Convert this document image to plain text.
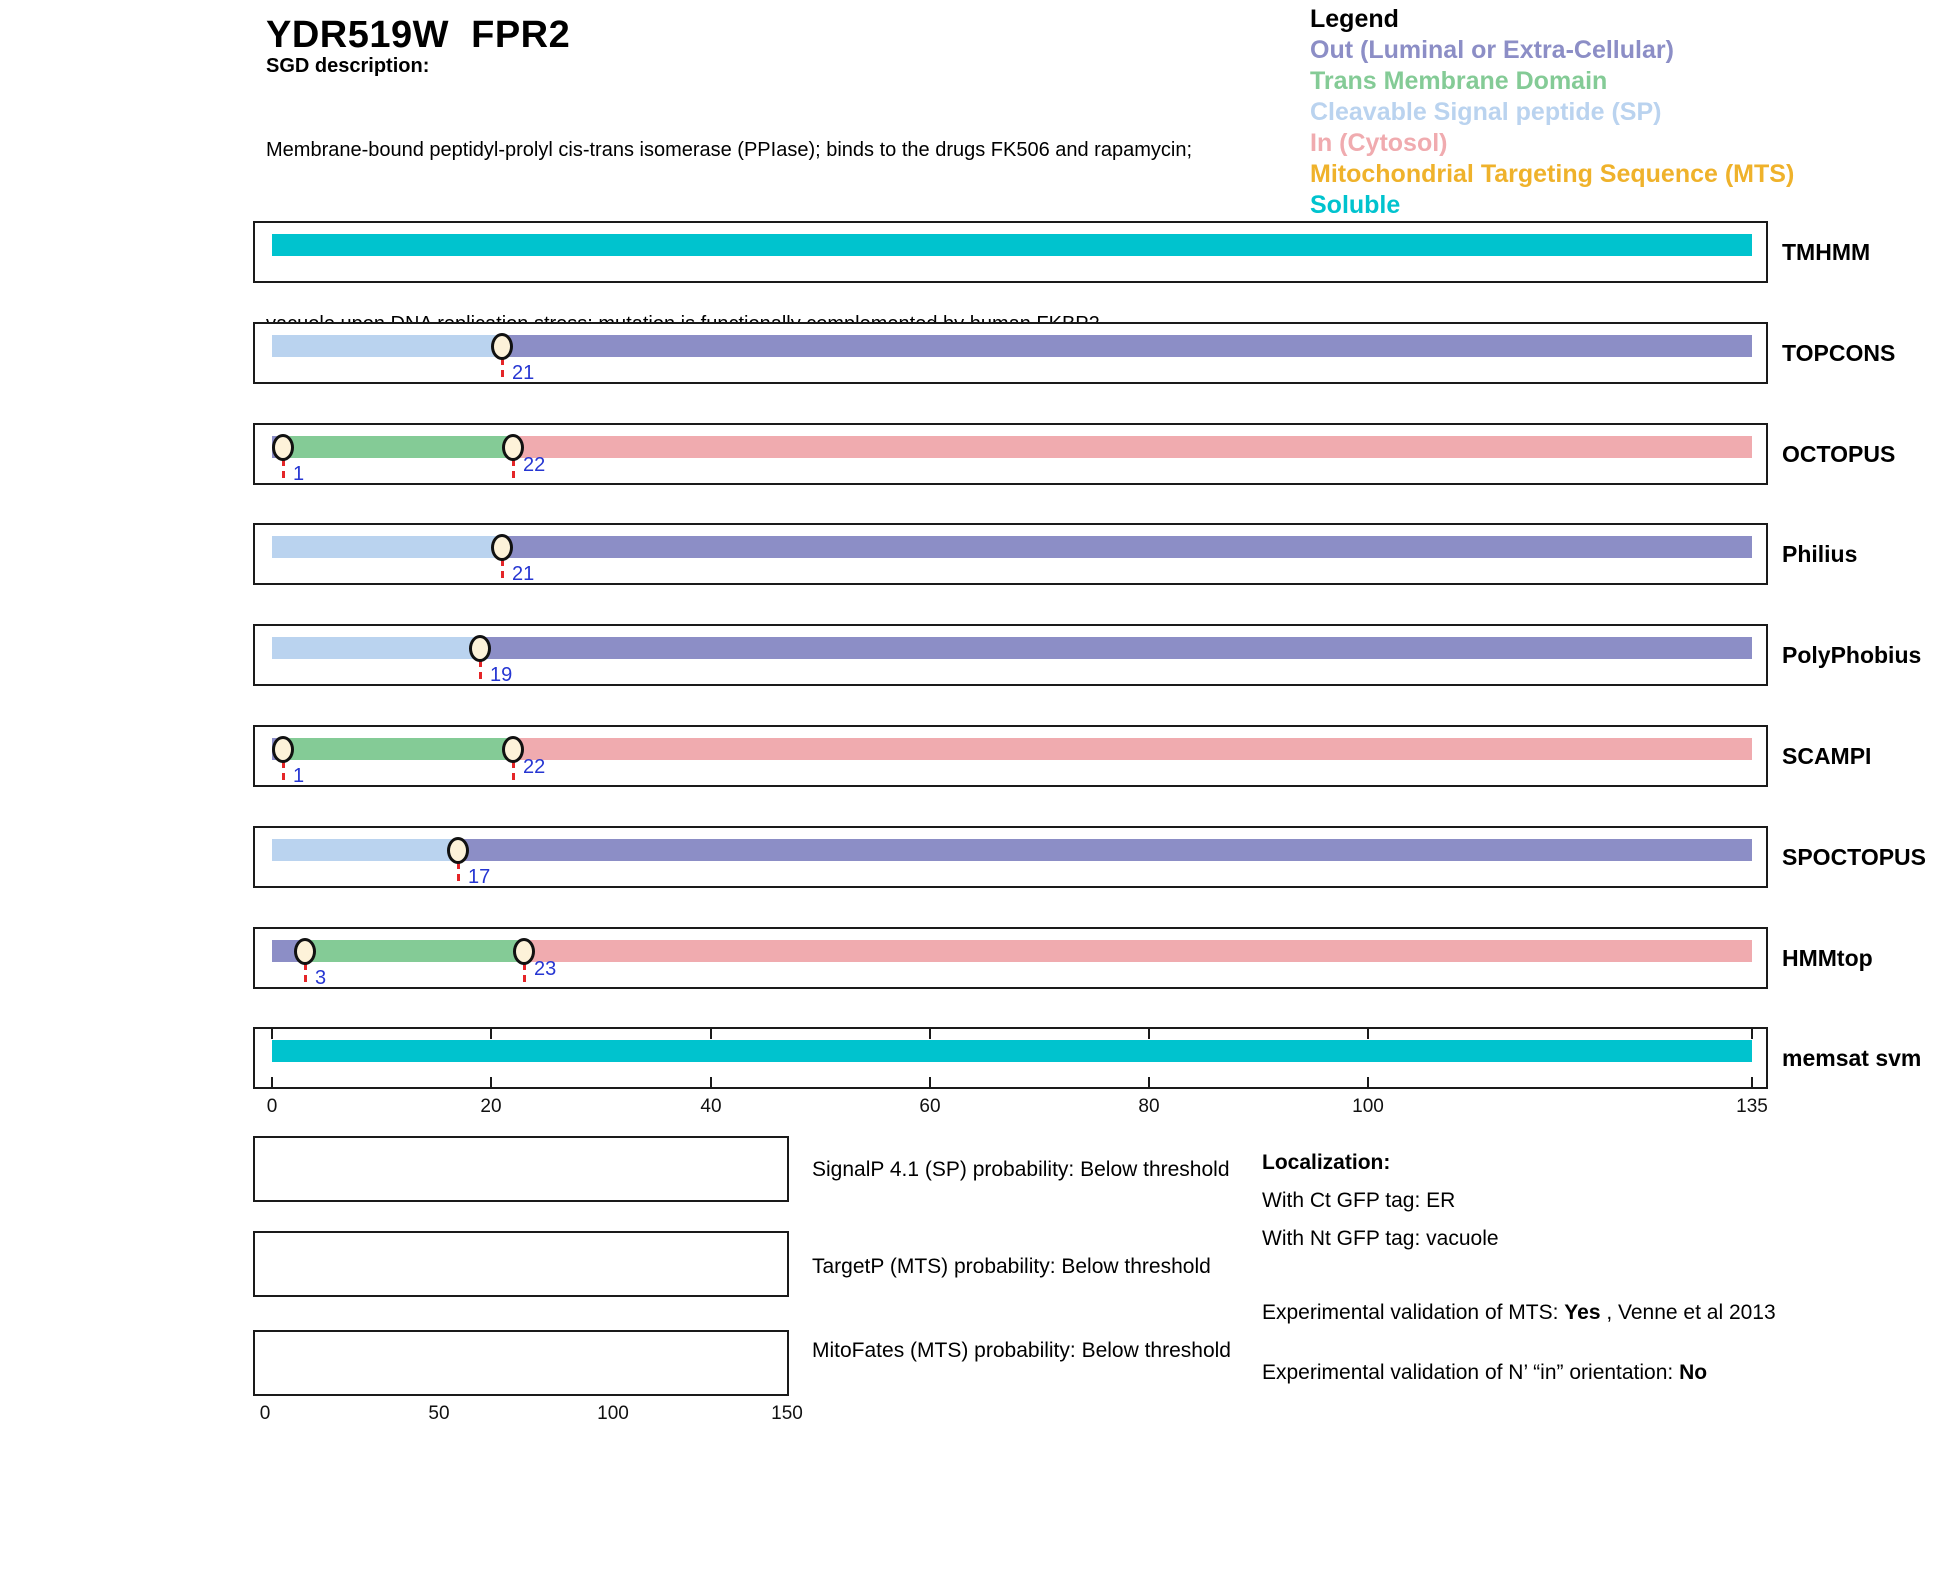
YDR519W  FPR2
SGD description:

Membrane-bound peptidyl-prolyl cis-trans isomerase (PPIase); binds to the drugs FK506 and rapamycin;

Legend
Out (Luminal or Extra-Cellular)
Trans Membrane Domain
Cleavable Signal peptide (SP)
In (Cytosol)
Mitochondrial Targeting Sequence (MTS)
Soluble
TMHMM
21
TOPCONS
1	22	OCTOPUS
21
Philius
19
PolyPhobius
1	22	SCAMPI
17
SPOCTOPUS
3	23	HMMtop
memsat svm
0	20	40	60	80	100	135
0	50	100	150
SignalP 4.1 (SP) probability: Below threshold
TargetP (MTS) probability: Below threshold
MitoFates (MTS) probability: Below threshold
Localization:
With Ct GFP tag: ER
With Nt GFP tag: vacuole
Experimental validation of MTS: Yes , Venne et al 2013
Experimental validation of N’ “in” orientation: No
